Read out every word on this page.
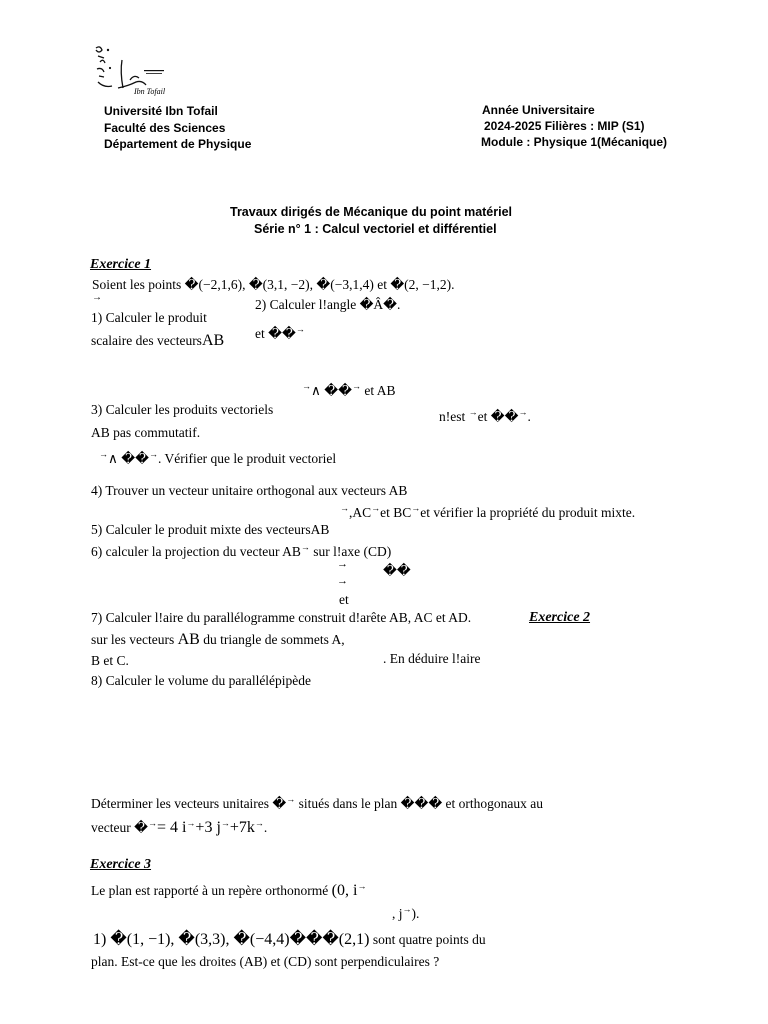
Ibn Tofail
Université Ibn Tofail
Faculté des Sciences
Département de Physique
Année Universitaire
2024-2025 Filières : MIP (S1)
Module : Physique 1(Mécanique)
Travaux dirigés de Mécanique du point matériel
Série n° 1 : Calcul vectoriel et différentiel
Exercice 1
Soient les points �(−2,1,6), �(3,1, −2), �(−3,1,4) et �(2, −1,2).
→	2) Calculer l!angle �Â�.
1) Calculer le produit
scalaire des vecteursAB et ��→
→∧ ��→ et AB
3) Calculer les produits vectoriels	n!est →et ��→.
AB pas commutatif.
→∧ ��→. Vérifier que le produit vectoriel
4) Trouver un vecteur unitaire orthogonal aux vecteurs AB
→,AC→et BC→et vérifier la propriété du produit mixte.
5) Calculer le produit mixte des vecteursAB
6) calculer la projection du vecteur AB→ sur l!axe (CD)
→	��
→
et
7) Calculer l!aire du parallélogramme construit d!arête AB, AC et AD.	Exercice 2
sur les vecteurs AB du triangle de sommets A,
B et C.	. En déduire l!aire
8) Calculer le volume du parallélépipède
Déterminer les vecteurs unitaires �→ situés dans le plan ��� et orthogonaux au
vecteur �→= 4 i→+3 j→+7k→.
Exercice 3
Le plan est rapporté à un repère orthonormé (0, i→
, j→).
1) �(1, −1), �(3,3), �(−4,4)���(2,1) sont quatre points du
plan. Est-ce que les droites (AB) et (CD) sont perpendiculaires ?
